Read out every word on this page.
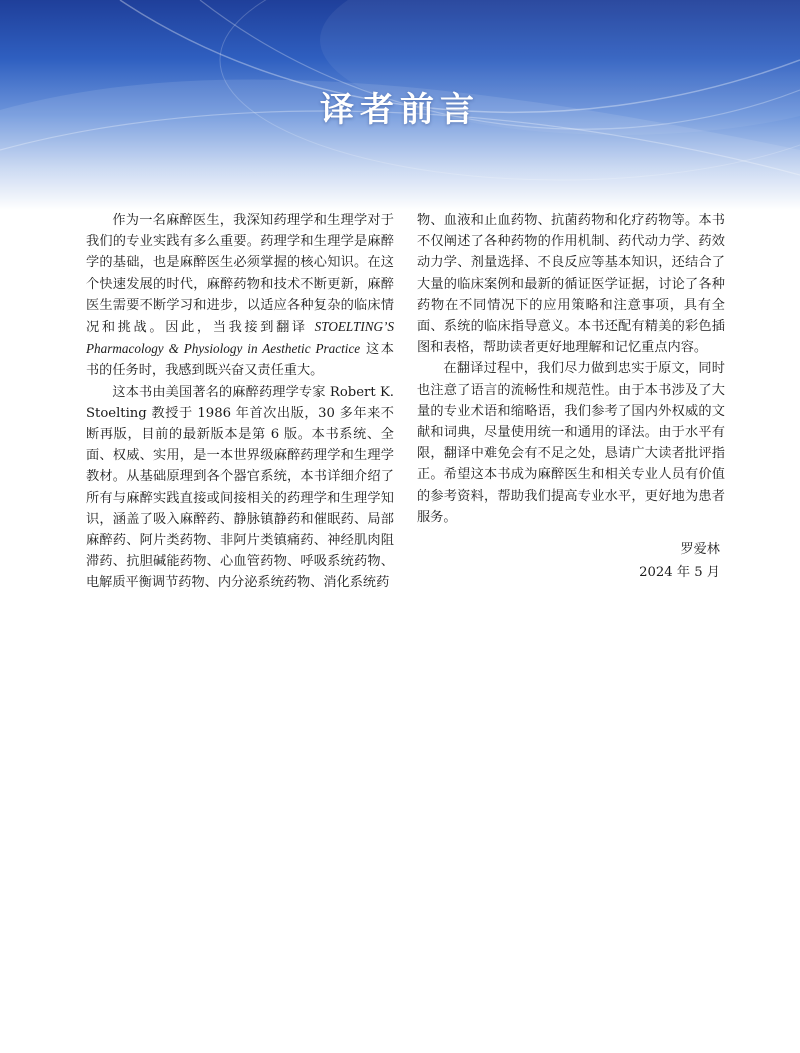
译者前言

作为一名麻醉医生，我深知药理学和生理学对于我们的专业实践有多么重要。药理学和生理学是麻醉学的基础，也是麻醉医生必须掌握的核心知识。在这个快速发展的时代，麻醉药物和技术不断更新，麻醉医生需要不断学习和进步，以适应各种复杂的临床情况和挑战。因此，当我接到翻译 STOELTING’S Pharmacology & Physiology in Aesthetic Practice 这本书的任务时，我感到既兴奋又责任重大。

这本书由美国著名的麻醉药理学专家 Robert K. Stoelting 教授于 1986 年首次出版，30 多年来不断再版，目前的最新版本是第 6 版。本书系统、全面、权威、实用，是一本世界级麻醉药理学和生理学教材。从基础原理到各个器官系统，本书详细介绍了所有与麻醉实践直接或间接相关的药理学和生理学知识，涵盖了吸入麻醉药、静脉镇静药和催眠药、局部麻醉药、阿片类药物、非阿片类镇痛药、神经肌肉阻滞药、抗胆碱能药物、心血管药物、呼吸系统药物、电解质平衡调节药物、内分泌系统药物、消化系统药

物、血液和止血药物、抗菌药物和化疗药物等。本书不仅阐述了各种药物的作用机制、药代动力学、药效动力学、剂量选择、不良反应等基本知识，还结合了大量的临床案例和最新的循证医学证据，讨论了各种药物在不同情况下的应用策略和注意事项，具有全面、系统的临床指导意义。本书还配有精美的彩色插图和表格，帮助读者更好地理解和记忆重点内容。

在翻译过程中，我们尽力做到忠实于原文，同时也注意了语言的流畅性和规范性。由于本书涉及了大量的专业术语和缩略语，我们参考了国内外权威的文献和词典，尽量使用统一和通用的译法。由于水平有限，翻译中难免会有不足之处，恳请广大读者批评指正。希望这本书成为麻醉医生和相关专业人员有价值的参考资料，帮助我们提高专业水平，更好地为患者服务。

罗爱林
2024 年 5 月
